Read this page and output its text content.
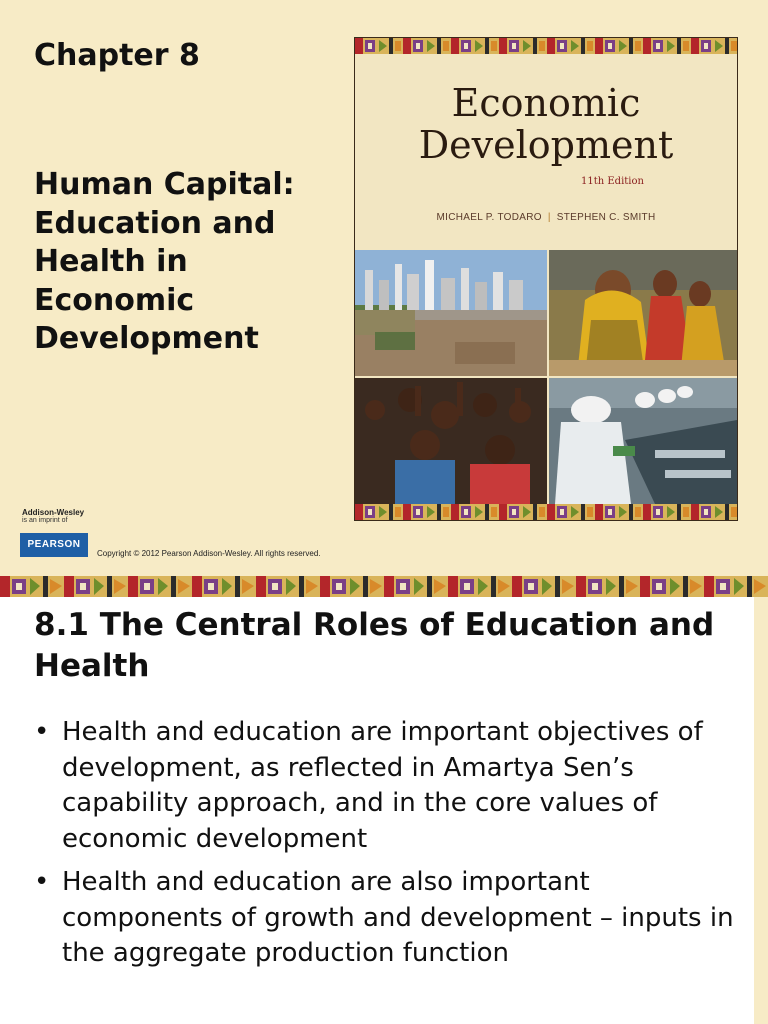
Chapter 8
Human Capital: Education and Health in Economic Development
Economic
Development
11th Edition
MICHAEL P. TODARO | STEPHEN C. SMITH
Addison-Wesley
is an imprint of
PEARSON
Copyright © 2012 Pearson Addison-Wesley. All rights reserved.
8.1 The Central Roles of Education and Health
• Health and education are important objectives of development, as reflected in Amartya Sen’s capability approach, and in the core values of economic development
• Health and education are also important components of growth and development – inputs in the aggregate production function
